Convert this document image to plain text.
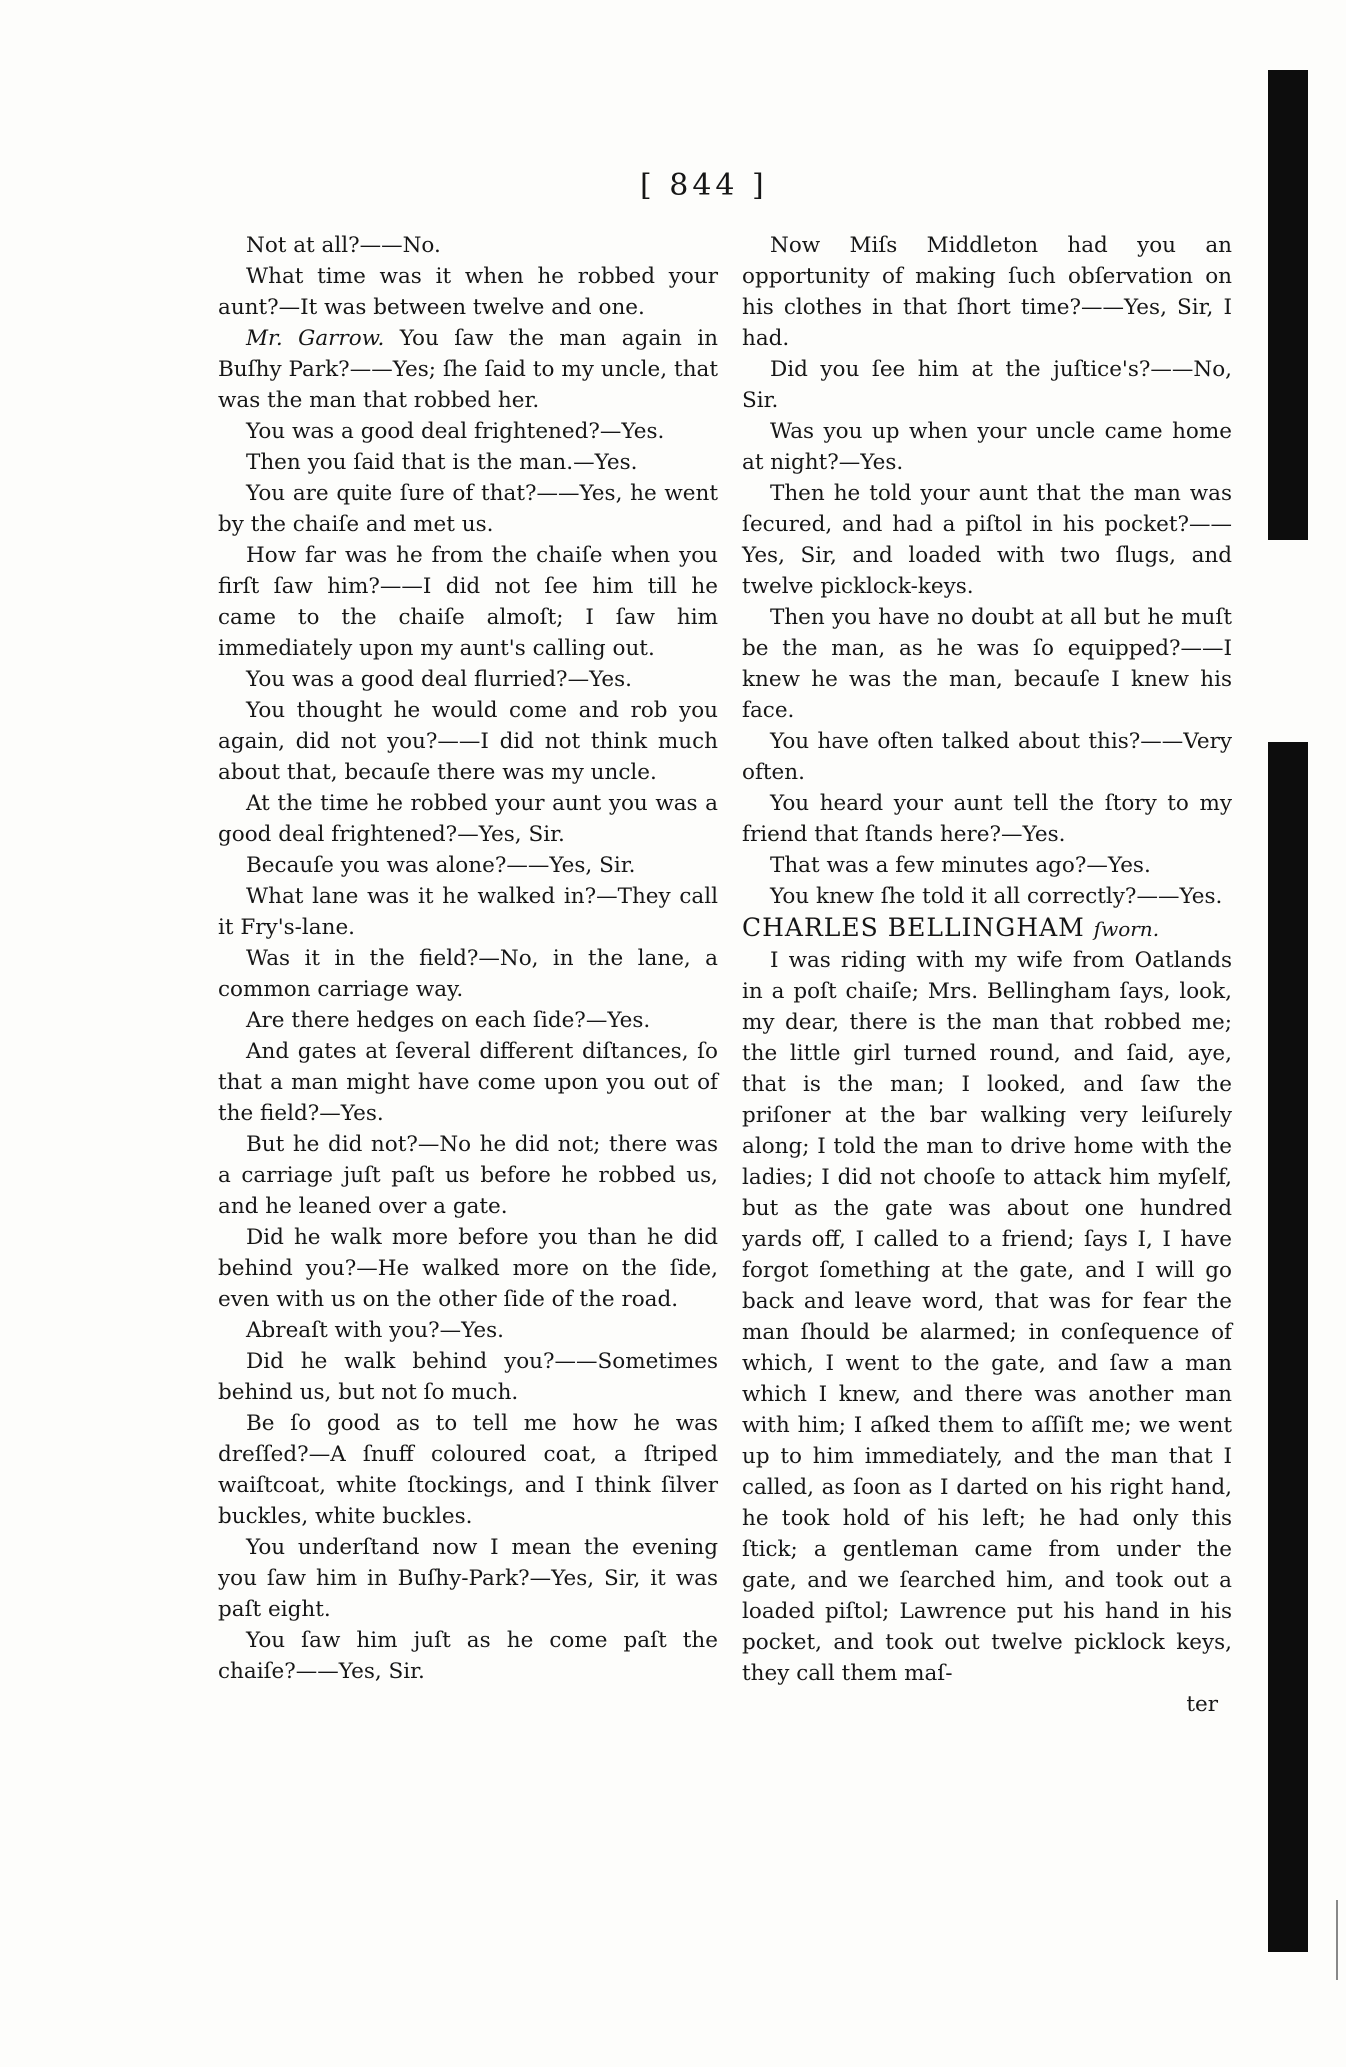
[ 844 ]

Not at all?——No.

What time was it when he robbed your aunt?—It was between twelve and one.

Mr. Garrow. You ſaw the man again in Buſhy Park?——Yes; ſhe ſaid to my uncle, that was the man that robbed her.

You was a good deal frightened?—Yes.

Then you ſaid that is the man.—Yes.

You are quite ſure of that?——Yes, he went by the chaiſe and met us.

How far was he from the chaiſe when you firſt ſaw him?——I did not ſee him till he came to the chaiſe almoſt; I ſaw him immediately upon my aunt's calling out.

You was a good deal flurried?—Yes.

You thought he would come and rob you again, did not you?——I did not think much about that, becauſe there was my uncle.

At the time he robbed your aunt you was a good deal frightened?—Yes, Sir.

Becauſe you was alone?——Yes, Sir.

What lane was it he walked in?—They call it Fry's-lane.

Was it in the field?—No, in the lane, a common carriage way.

Are there hedges on each ſide?—Yes.

And gates at ſeveral different diſtances, ſo that a man might have come upon you out of the field?—Yes.

But he did not?—No he did not; there was a carriage juſt paſt us before he robbed us, and he leaned over a gate.

Did he walk more before you than he did behind you?—He walked more on the ſide, even with us on the other ſide of the road.

Abreaſt with you?—Yes.

Did he walk behind you?——Sometimes behind us, but not ſo much.

Be ſo good as to tell me how he was dreſſed?—A ſnuff coloured coat, a ſtriped waiſtcoat, white ſtockings, and I think ſilver buckles, white buckles.

You underſtand now I mean the evening you ſaw him in Buſhy-Park?—Yes, Sir, it was paſt eight.

You ſaw him juſt as he come paſt the chaiſe?——Yes, Sir.

Now Miſs Middleton had you an opportunity of making ſuch obſervation on his clothes in that ſhort time?——Yes, Sir, I had.

Did you ſee him at the juſtice's?——No, Sir.

Was you up when your uncle came home at night?—Yes.

Then he told your aunt that the man was ſecured, and had a piſtol in his pocket?——Yes, Sir, and loaded with two ſlugs, and twelve picklock-keys.

Then you have no doubt at all but he muſt be the man, as he was ſo equipped?——I knew he was the man, becauſe I knew his face.

You have often talked about this?——Very often.

You heard your aunt tell the ſtory to my friend that ſtands here?—Yes.

That was a few minutes ago?—Yes.

You knew ſhe told it all correctly?——Yes.

CHARLES BELLINGHAM ſworn.

I was riding with my wife from Oatlands in a poſt chaiſe; Mrs. Bellingham ſays, look, my dear, there is the man that robbed me; the little girl turned round, and ſaid, aye, that is the man; I looked, and ſaw the priſoner at the bar walking very leiſurely along; I told the man to drive home with the ladies; I did not chooſe to attack him myſelf, but as the gate was about one hundred yards off, I called to a friend; ſays I, I have forgot ſomething at the gate, and I will go back and leave word, that was for fear the man ſhould be alarmed; in conſequence of which, I went to the gate, and ſaw a man which I knew, and there was another man with him; I aſked them to aſſiſt me; we went up to him immediately, and the man that I called, as ſoon as I darted on his right hand, he took hold of his left; he had only this ſtick; a gentleman came from under the gate, and we ſearched him, and took out a loaded piſtol; Lawrence put his hand in his pocket, and took out twelve picklock keys, they call them maſ-

ter
